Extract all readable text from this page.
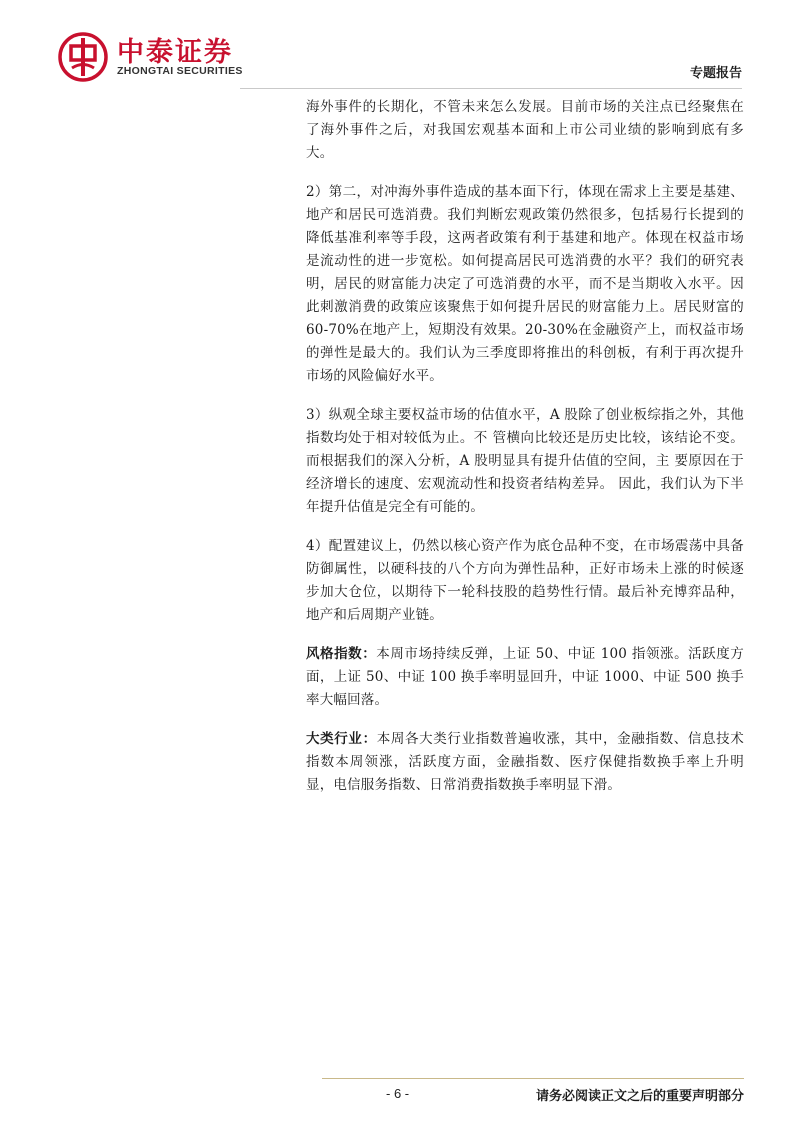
中泰证券
ZHONGTAI SECURITIES	专题报告

海外事件的长期化，不管未来怎么发展。目前市场的关注点已经聚焦在了海外事件之后，对我国宏观基本面和上市公司业绩的影响到底有多大。

2）第二，对冲海外事件造成的基本面下行，体现在需求上主要是基建、地产和居民可选消费。我们判断宏观政策仍然很多，包括易行长提到的降低基准利率等手段，这两者政策有利于基建和地产。体现在权益市场是流动性的进一步宽松。如何提高居民可选消费的水平？我们的研究表明，居民的财富能力决定了可选消费的水平，而不是当期收入水平。因此刺激消费的政策应该聚焦于如何提升居民的财富能力上。居民财富的60-70%在地产上，短期没有效果。20-30%在金融资产上，而权益市场的弹性是最大的。我们认为三季度即将推出的科创板，有利于再次提升市场的风险偏好水平。

3）纵观全球主要权益市场的估值水平，A 股除了创业板综指之外，其他指数均处于相对较低为止。不 管横向比较还是历史比较，该结论不变。而根据我们的深入分析，A 股明显具有提升估值的空间，主 要原因在于经济增长的速度、宏观流动性和投资者结构差异。 因此，我们认为下半年提升估值是完全有可能的。

4）配置建议上，仍然以核心资产作为底仓品种不变，在市场震荡中具备防御属性，以硬科技的八个方向为弹性品种，正好市场未上涨的时候逐步加大仓位，以期待下一轮科技股的趋势性行情。最后补充博弈品种，地产和后周期产业链。

风格指数：本周市场持续反弹，上证 50、中证 100 指领涨。活跃度方面，上证 50、中证 100 换手率明显回升，中证 1000、中证 500 换手率大幅回落。

大类行业：本周各大类行业指数普遍收涨，其中，金融指数、信息技术指数本周领涨，活跃度方面，金融指数、医疗保健指数换手率上升明显，电信服务指数、日常消费指数换手率明显下滑。

- 6 -	请务必阅读正文之后的重要声明部分
